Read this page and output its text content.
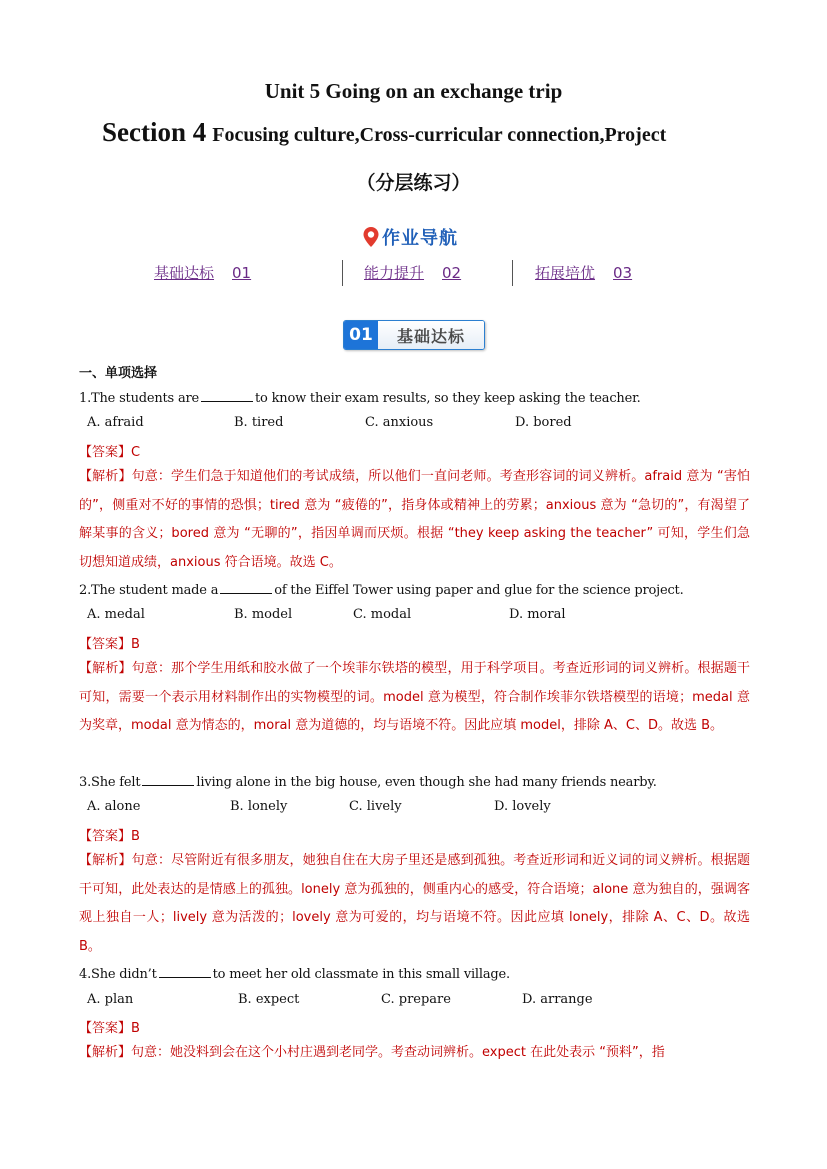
Unit 5 Going on an exchange trip
Section 4 Focusing culture,Cross-curricular connection,Project
（分层练习）
作业导航
基础达标 01	能力提升 02	拓展培优 03
01	基础达标
一、单项选择
1.The students are	to know their exam results, so they keep asking the teacher.
A. afraid	B. tired	C. anxious	D. bored
【答案】C
【解析】句意：学生们急于知道他们的考试成绩，所以他们一直问老师。考查形容词的词义辨析。afraid 意为 “害怕的”，侧重对不好的事情的恐惧；tired 意为 “疲倦的”，指身体或精神上的劳累；anxious 意为 “急切的”，有渴望了解某事的含义；bored 意为 “无聊的”，指因单调而厌烦。根据 “they keep asking the teacher” 可知，学生们急切想知道成绩，anxious 符合语境。故选 C。
2.The student made a	of the Eiffel Tower using paper and glue for the science project.
A. medal	B. model	C. modal	D. moral
【答案】B
【解析】句意：那个学生用纸和胶水做了一个埃菲尔铁塔的模型，用于科学项目。考查近形词的词义辨析。根据题干可知，需要一个表示用材料制作出的实物模型的词。model 意为模型，符合制作埃菲尔铁塔模型的语境；medal 意为奖章，modal 意为情态的，moral 意为道德的，均与语境不符。因此应填 model，排除 A、C、D。故选 B。
3.She felt	living alone in the big house, even though she had many friends nearby.
A. alone	B. lonely	C. lively	D. lovely
【答案】B
【解析】句意：尽管附近有很多朋友，她独自住在大房子里还是感到孤独。考查近形词和近义词的词义辨析。根据题干可知，此处表达的是情感上的孤独。lonely 意为孤独的，侧重内心的感受，符合语境；alone 意为独自的，强调客观上独自一人；lively 意为活泼的；lovely 意为可爱的，均与语境不符。因此应填 lonely，排除 A、C、D。故选 B。
4.She didn’t	to meet her old classmate in this small village.
A. plan	B. expect	C. prepare	D. arrange
【答案】B
【解析】句意：她没料到会在这个小村庄遇到老同学。考查动词辨析。expect 在此处表示 “预料”，指
